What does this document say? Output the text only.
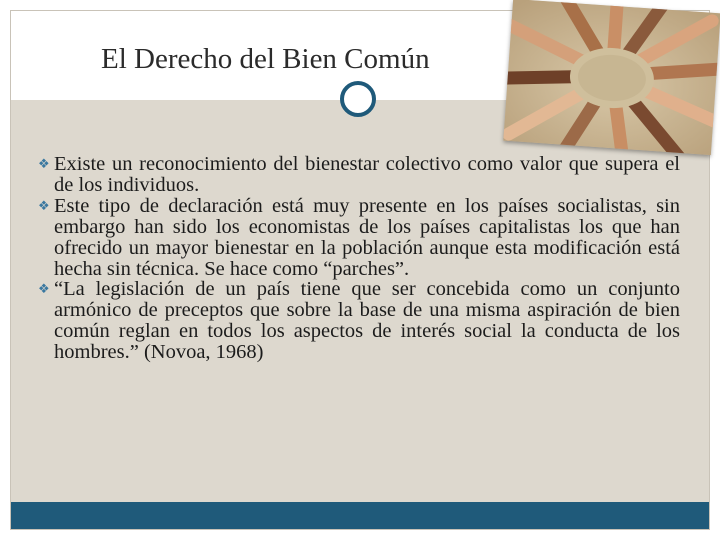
El Derecho del Bien Común

❖ Existe un reconocimiento del bienestar colectivo como valor que supera el de los individuos.

❖ Este tipo de declaración está muy presente en los países socialistas, sin embargo han sido los economistas de los países capitalistas los que han ofrecido un mayor bienestar en la población aunque esta modificación está hecha sin técnica. Se hace como “parches”.

❖ “La legislación de un país tiene que ser concebida como un conjunto armónico de preceptos que sobre la base de una misma aspiración de bien común reglan en todos los aspectos de interés social la conducta de los hombres.” (Novoa, 1968)
